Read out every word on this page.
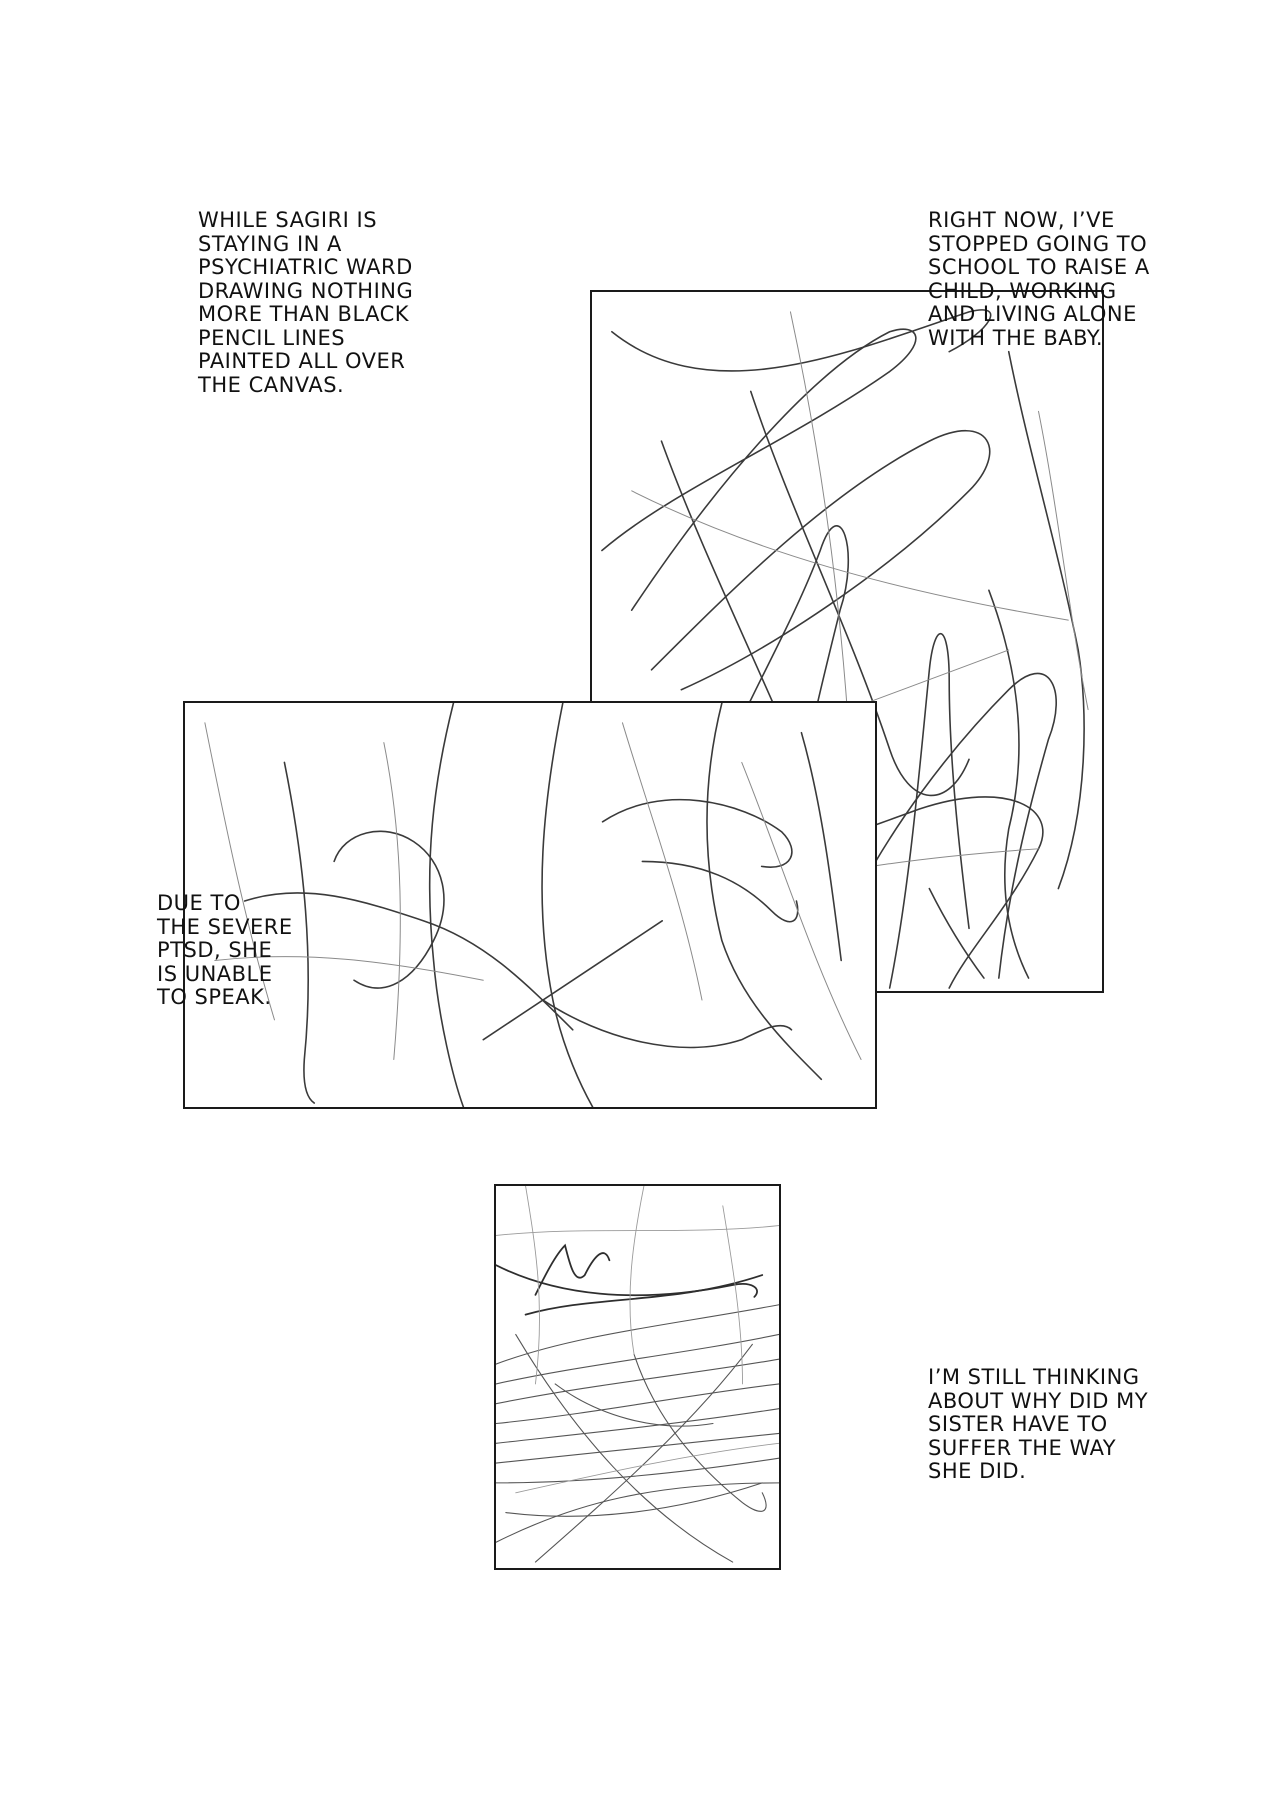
WHILE SAGIRI IS
STAYING IN A
PSYCHIATRIC WARD
DRAWING NOTHING
MORE THAN BLACK
PENCIL LINES
PAINTED ALL OVER
THE CANVAS.
RIGHT NOW, I’VE
STOPPED GOING TO
SCHOOL TO RAISE A
CHILD, WORKING
AND LIVING ALONE
WITH THE BABY.
DUE TO
THE SEVERE
PTSD, SHE
IS UNABLE
TO SPEAK.
I’M STILL THINKING
ABOUT WHY DID MY
SISTER HAVE TO
SUFFER THE WAY
SHE DID.
